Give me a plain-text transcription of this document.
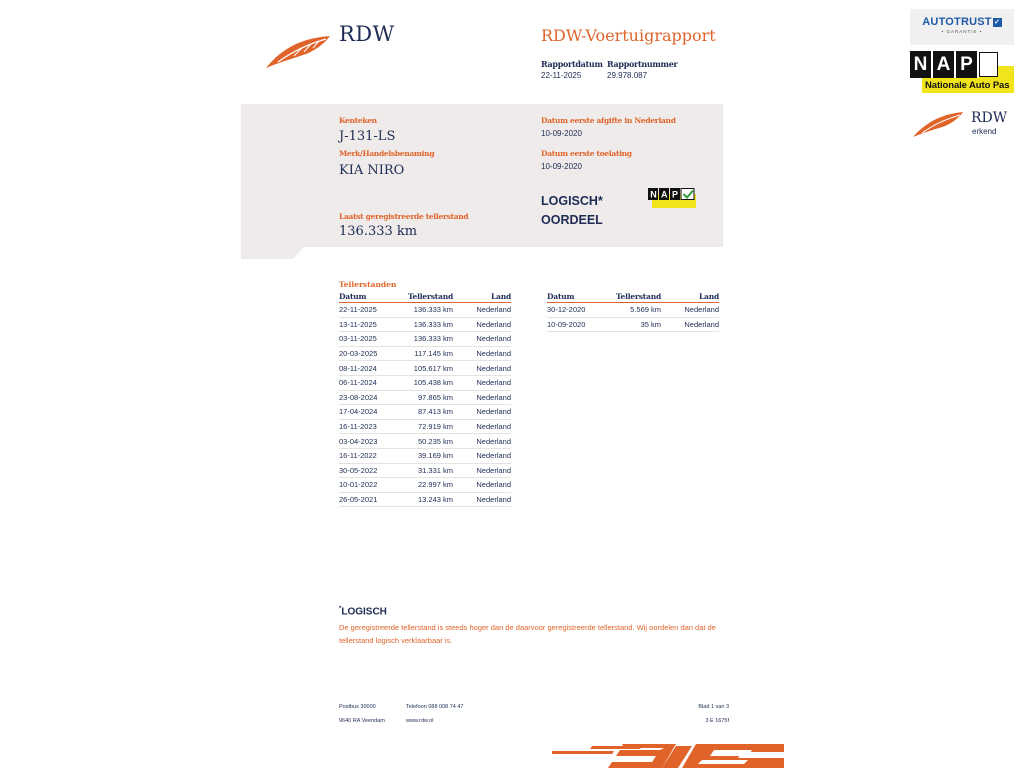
RDW	RDW-Voertuigrapport
Rapportdatum Rapportnummer
22-11-2025	29.978.087
Kenteken
J-131-LS
Merk/Handelsbenaming
KIA NIRO
Laatst geregistreerde tellerstand
136.333 km
Datum eerste afgifte in Nederland
10-09-2020
Datum eerste toelating
10-09-2020
LOGISCH*
OORDEEL
N A P
Tellerstanden
Datum	Tellerstand	Land
22-11-2025	136.333 km	Nederland
13-11-2025	136.333 km	Nederland
03-11-2025	136.333 km	Nederland
20-03-2025	117.145 km	Nederland
08-11-2024	105.617 km	Nederland
06-11-2024	105.438 km	Nederland
23-08-2024	97.865 km	Nederland
17-04-2024	87.413 km	Nederland
16-11-2023	72.919 km	Nederland
03-04-2023	50.235 km	Nederland
16-11-2022	39.169 km	Nederland
30-05-2022	31.331 km	Nederland
10-01-2022	22.997 km	Nederland
26-05-2021	13.243 km	Nederland
Datum	Tellerstand	Land
30-12-2020	5.569 km	Nederland
10-09-2020	35 km	Nederland
*LOGISCH
De geregistreerde tellerstand is steeds hoger dan de daarvoor geregistreerde tellerstand. Wij oordelen dan dat de tellerstand logisch verklaarbaar is.
Postbus 30000
9640 RA Veendam
Telefoon 088 008 74 47
www.rdw.nl
Blad 1 van 3
3 E 1675f
AUTOTRUST ✓
• GARANTIE •
N A P
Nationale Auto Pas
RDW
erkend
